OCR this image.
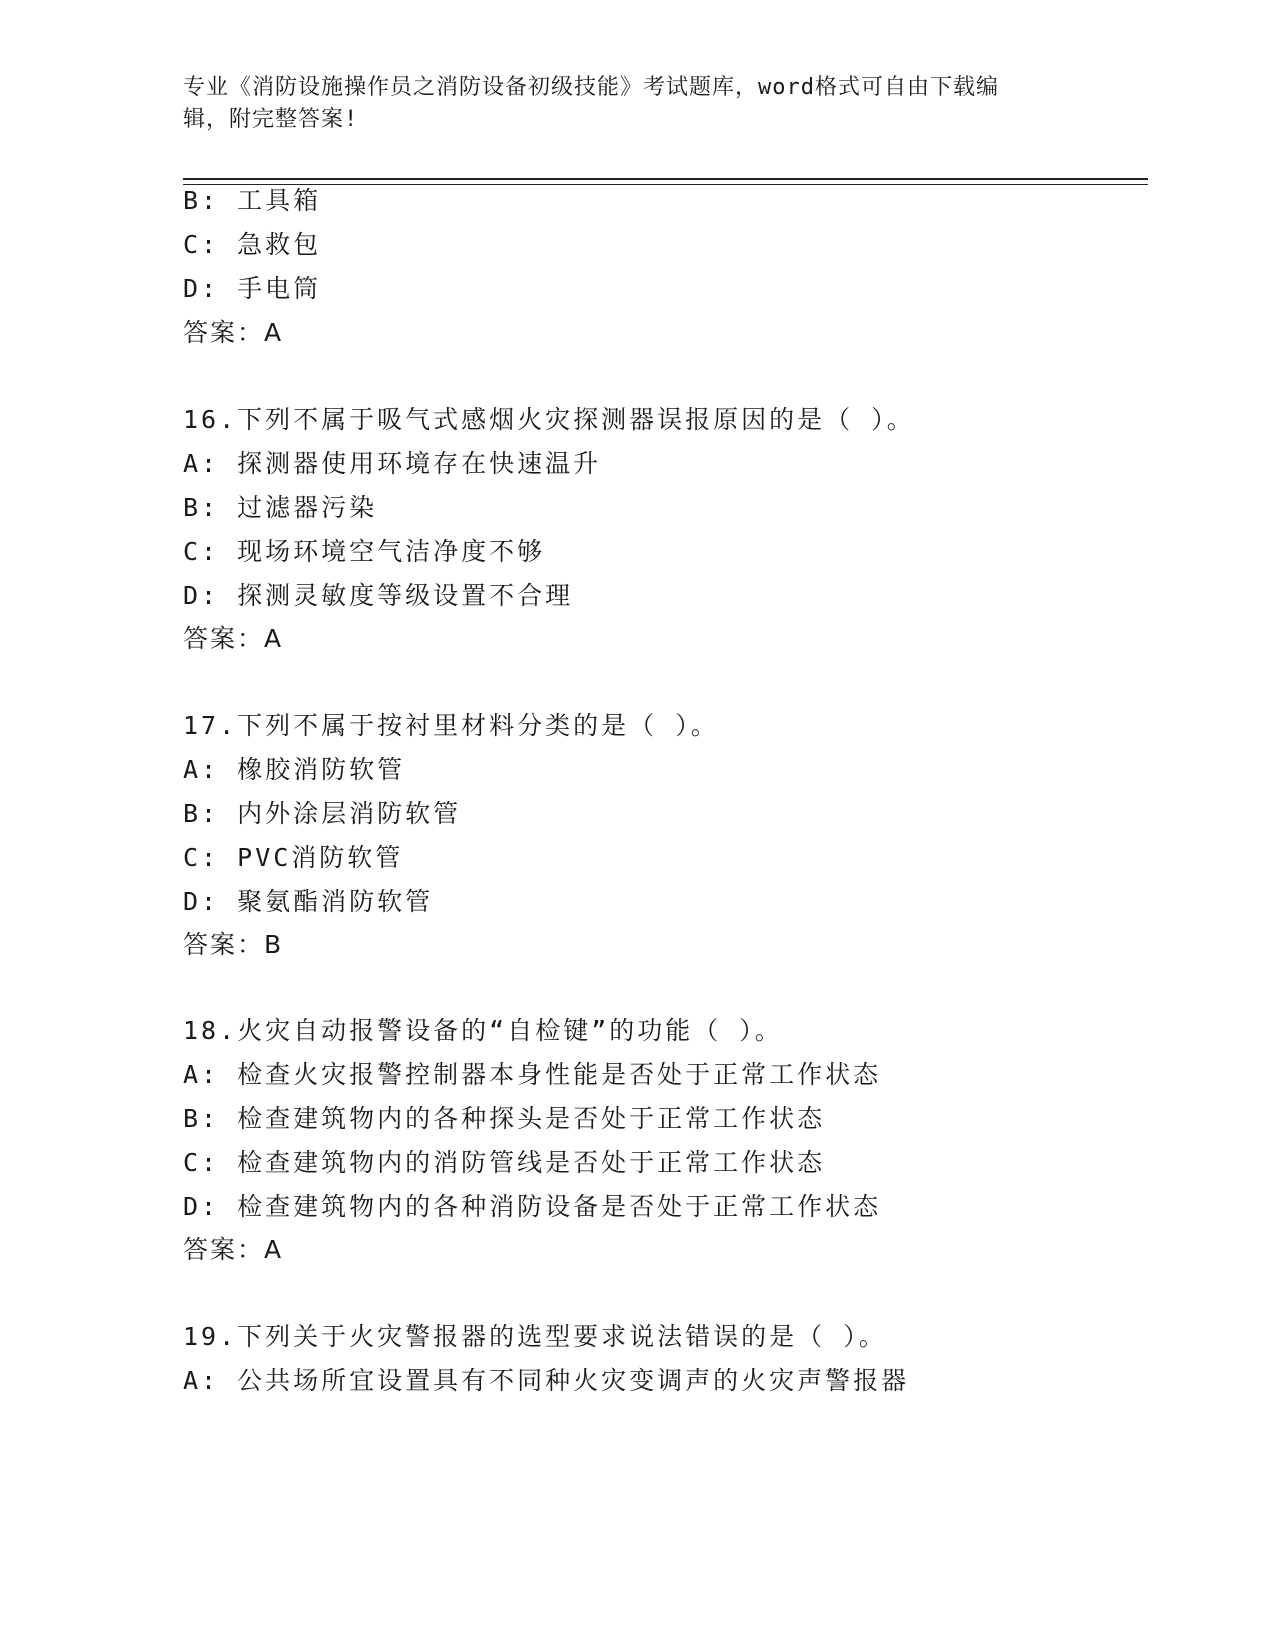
专业《消防设施操作员之消防设备初级技能》考试题库，word格式可自由下载编
辑，附完整答案!
B: 工具箱
C: 急救包
D: 手电筒
答案：A
16.下列不属于吸气式感烟火灾探测器误报原因的是（ ）。
A: 探测器使用环境存在快速温升
B: 过滤器污染
C: 现场环境空气洁净度不够
D: 探测灵敏度等级设置不合理
答案：A
17.下列不属于按衬里材料分类的是（ ）。
A: 橡胶消防软管
B: 内外涂层消防软管
C: PVC消防软管
D: 聚氨酯消防软管
答案：B
18.火灾自动报警设备的“自检键”的功能（ ）。
A: 检查火灾报警控制器本身性能是否处于正常工作状态
B: 检查建筑物内的各种探头是否处于正常工作状态
C: 检查建筑物内的消防管线是否处于正常工作状态
D: 检查建筑物内的各种消防设备是否处于正常工作状态
答案：A
19.下列关于火灾警报器的选型要求说法错误的是（ ）。
A: 公共场所宜设置具有不同种火灾变调声的火灾声警报器
